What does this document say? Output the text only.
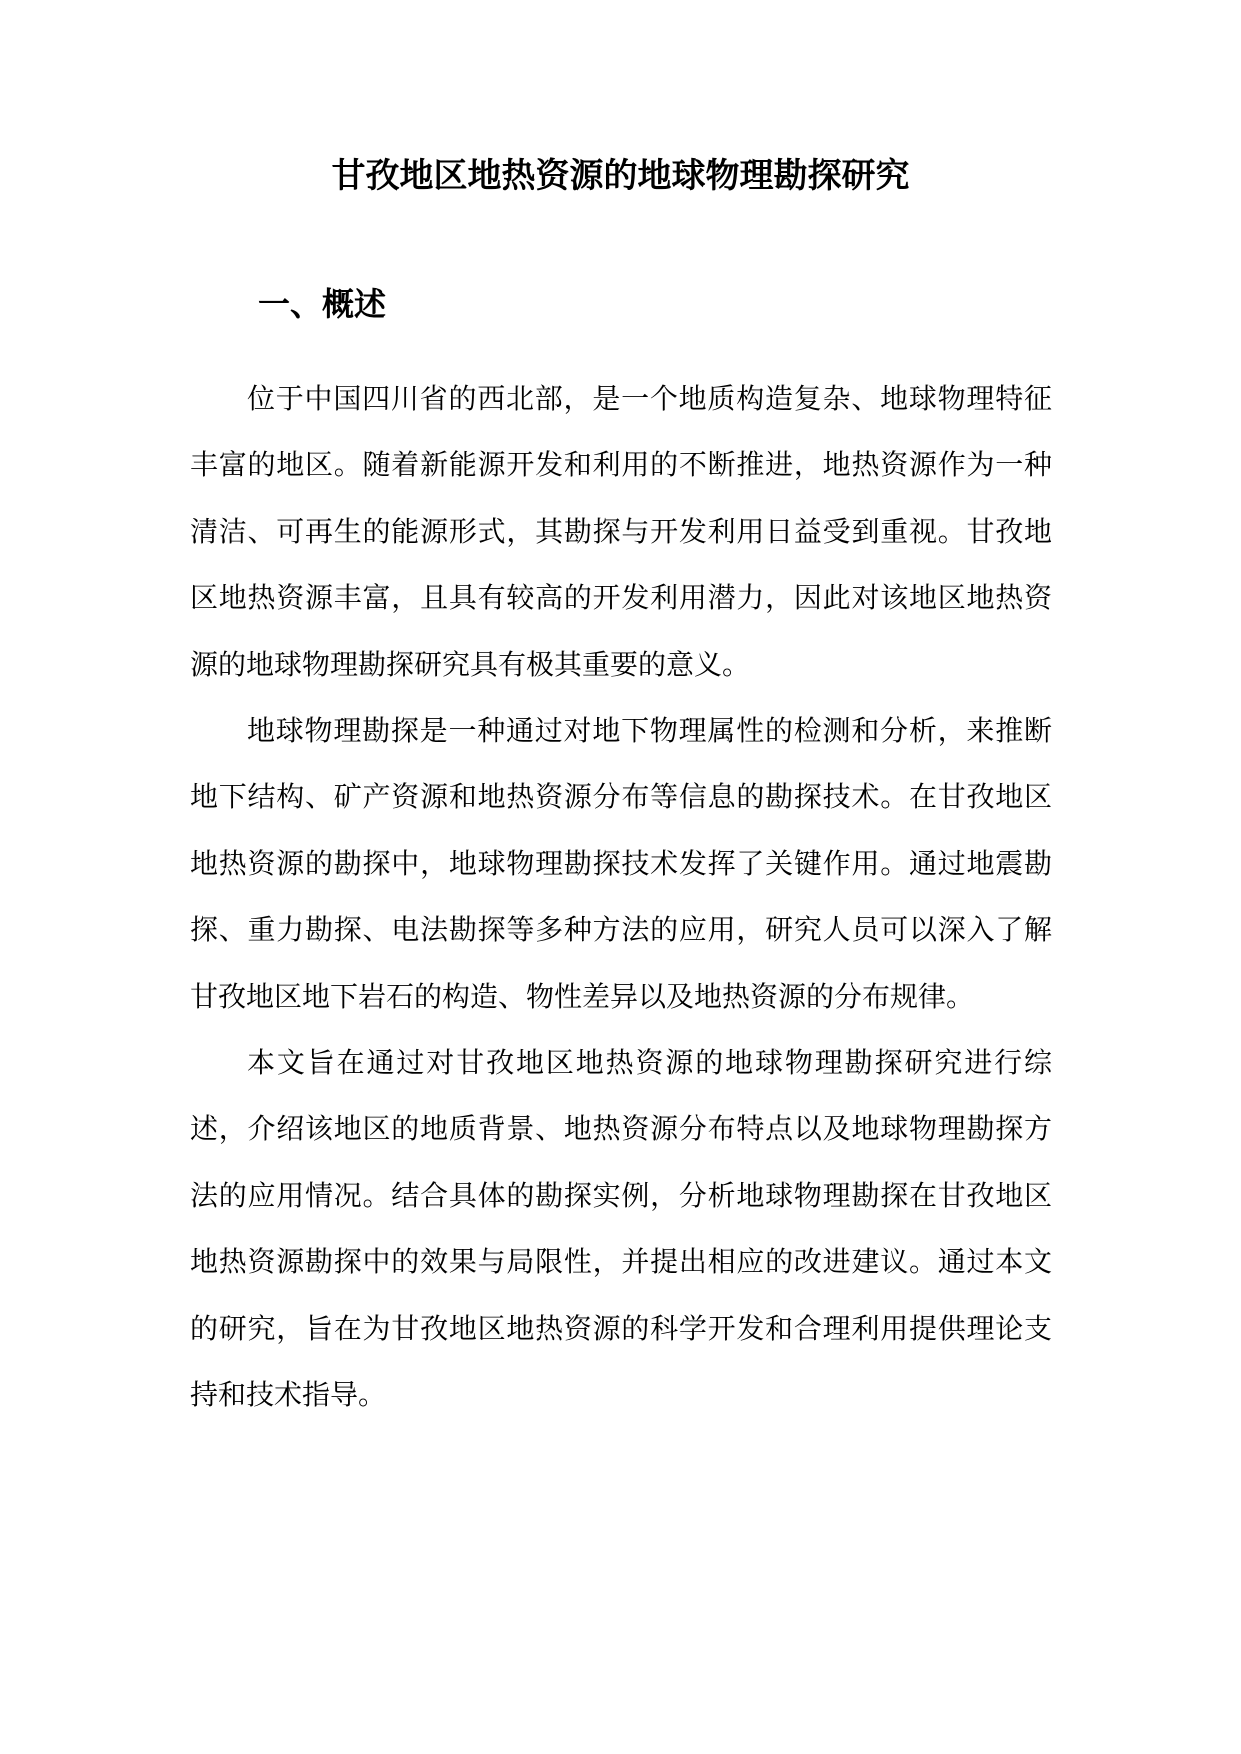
甘孜地区地热资源的地球物理勘探研究
一、概述

位于中国四川省的西北部，是一个地质构造复杂、地球物理特征丰富的地区。随着新能源开发和利用的不断推进，地热资源作为一种清洁、可再生的能源形式，其勘探与开发利用日益受到重视。甘孜地区地热资源丰富，且具有较高的开发利用潜力，因此对该地区地热资源的地球物理勘探研究具有极其重要的意义。

地球物理勘探是一种通过对地下物理属性的检测和分析，来推断地下结构、矿产资源和地热资源分布等信息的勘探技术。在甘孜地区地热资源的勘探中，地球物理勘探技术发挥了关键作用。通过地震勘探、重力勘探、电法勘探等多种方法的应用，研究人员可以深入了解甘孜地区地下岩石的构造、物性差异以及地热资源的分布规律。

本文旨在通过对甘孜地区地热资源的地球物理勘探研究进行综述，介绍该地区的地质背景、地热资源分布特点以及地球物理勘探方法的应用情况。结合具体的勘探实例，分析地球物理勘探在甘孜地区地热资源勘探中的效果与局限性，并提出相应的改进建议。通过本文的研究，旨在为甘孜地区地热资源的科学开发和合理利用提供理论支持和技术指导。
